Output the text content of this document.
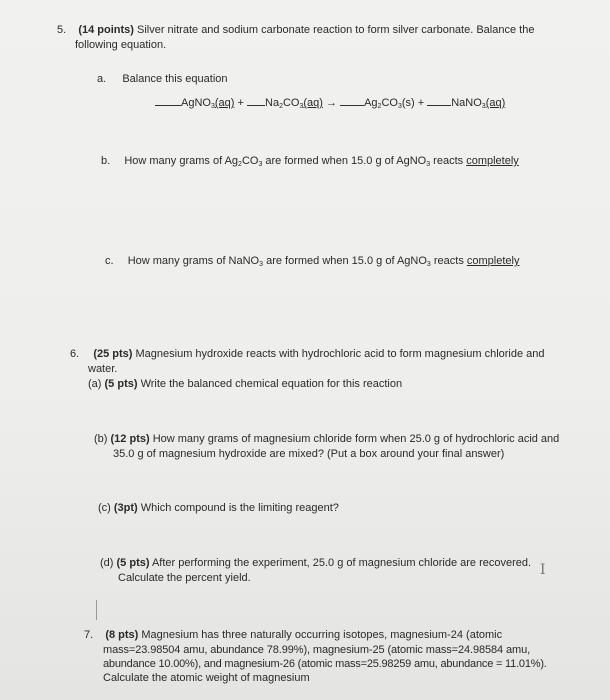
5. (14 points) Silver nitrate and sodium carbonate reaction to form silver carbonate. Balance the
following equation.
a. Balance this equation
AgNO$_3$(aq) + $Na_2CO_3(aq) \to Ag_2CO_3(s)$ + NaNO$_3$(aq)
b. How many grams of $Ag_2CO_3$ are formed when 15.0 g of AgNO$_3$ reacts completely
c. How many grams of NaNO$_3$ are formed when 15.0 g of AgNO$_3$ reacts completely
6. (25 pts) Magnesium hydroxide reacts with hydrochloric acid to form magnesium chloride and
water.
(a) (5 pts) Write the balanced chemical equation for this reaction
(b) (12 pts) How many grams of magnesium chloride form when 25.0 g of hydrochloric acid and
35.0 g of magnesium hydroxide are mixed? (Put a box around your final answer)
(c) (3pt) Which compound is the limiting reagent?
(d) (5 pts) After performing the experiment, 25.0 g of magnesium chloride are recovered.
Calculate the percent yield.	I
7. (8 pts) Magnesium has three naturally occurring isotopes, magnesium-24 (atomic
mass=23.98504 amu, abundance 78.99%), magnesium-25 (atomic mass=24.98584 amu,
abundance 10.00%), and magnesium-26 (atomic mass=25.98259 amu, abundance = 11.01%).
Calculate the atomic weight of magnesium
